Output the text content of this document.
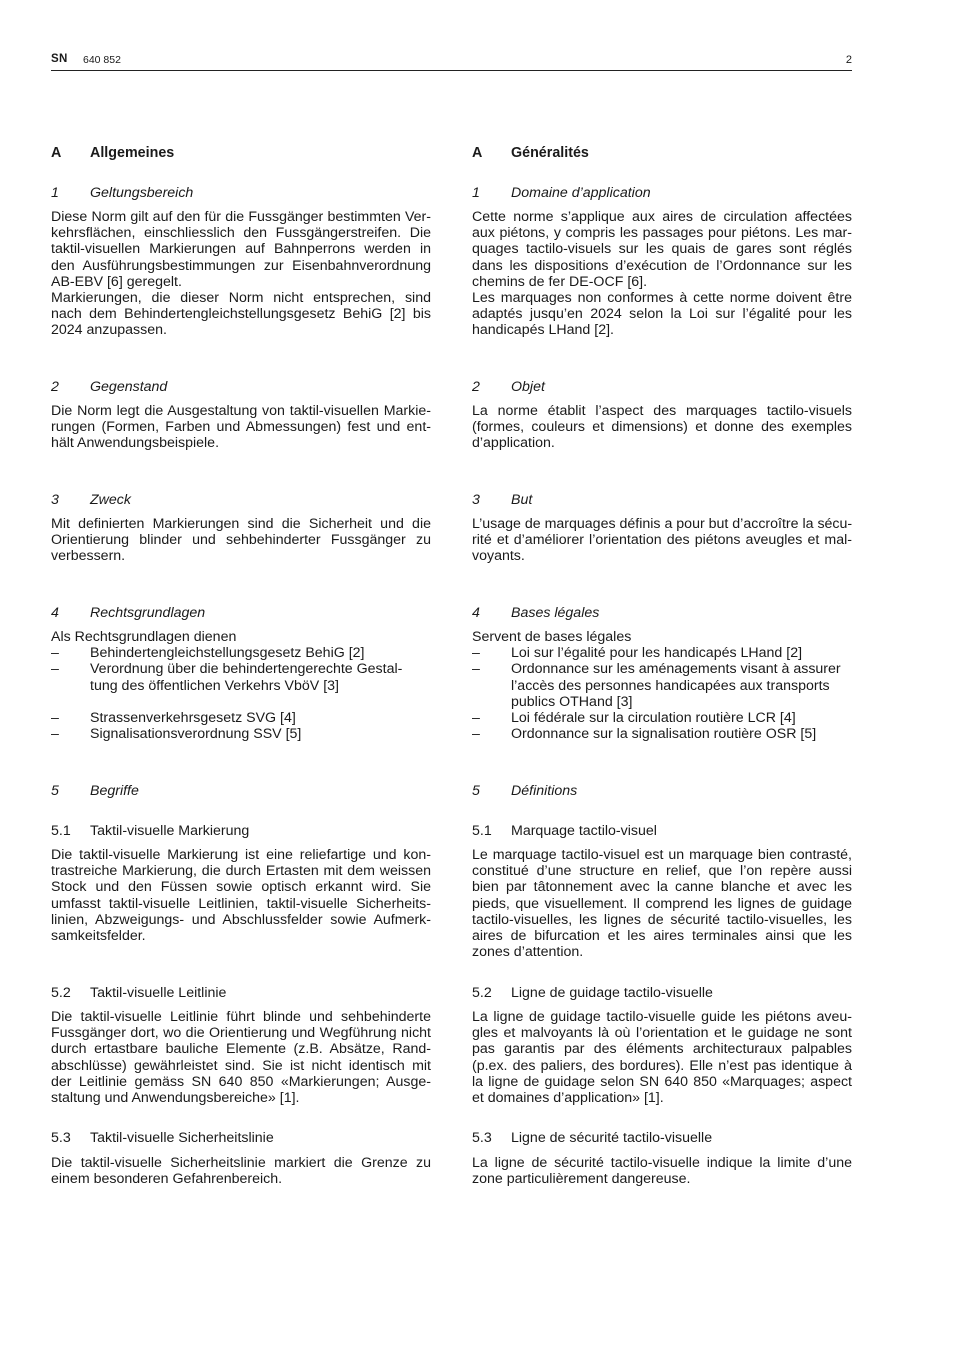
SN 640 852	2
A Allgemeines
1 Geltungsbereich
Diese Norm gilt auf den für die Fussgänger bestimmten Ver-
kehrsflächen, einschliesslich den Fussgängerstreifen. Die
taktil-visuellen Markierungen auf Bahnperrons werden in
den Ausführungsbestimmungen zur Eisenbahnverordnung
AB-EBV [6] geregelt.
Markierungen, die dieser Norm nicht entsprechen, sind
nach dem Behindertengleichstellungsgesetz BehiG [2] bis
2024 anzupassen.
2 Gegenstand
Die Norm legt die Ausgestaltung von taktil-visuellen Markie-
rungen (Formen, Farben und Abmessungen) fest und ent-
hält Anwendungsbeispiele.
3 Zweck
Mit definierten Markierungen sind die Sicherheit und die
Orientierung blinder und sehbehinderter Fussgänger zu
verbessern.
4 Rechtsgrundlagen
Als Rechtsgrundlagen dienen
– Behindertengleichstellungsgesetz BehiG [2]
– Verordnung über die behindertengerechte Gestal-
tung des öffentlichen Verkehrs VböV [3]
– Strassenverkehrsgesetz SVG [4]
– Signalisationsverordnung SSV [5]
5 Begriffe
5.1 Taktil-visuelle Markierung
Die taktil-visuelle Markierung ist eine reliefartige und kon-
trastreiche Markierung, die durch Ertasten mit dem weissen
Stock und den Füssen sowie optisch erkannt wird. Sie
umfasst taktil-visuelle Leitlinien, taktil-visuelle Sicherheits-
linien, Abzweigungs- und Abschlussfelder sowie Aufmerk-
samkeitsfelder.
5.2 Taktil-visuelle Leitlinie
Die taktil-visuelle Leitlinie führt blinde und sehbehinderte
Fussgänger dort, wo die Orientierung und Wegführung nicht
durch ertastbare bauliche Elemente (z.B. Absätze, Rand-
abschlüsse) gewährleistet sind. Sie ist nicht identisch mit
der Leitlinie gemäss SN 640 850 «Markierungen; Ausge-
staltung und Anwendungsbereiche» [1].
5.3 Taktil-visuelle Sicherheitslinie
Die taktil-visuelle Sicherheitslinie markiert die Grenze zu
einem besonderen Gefahrenbereich.
A Généralités
1 Domaine d’application
Cette norme s’applique aux aires de circulation affectées
aux piétons, y compris les passages pour piétons. Les mar-
quages tactilo-visuels sur les quais de gares sont réglés
dans les dispositions d’exécution de l’Ordonnance sur les
chemins de fer DE-OCF [6].
Les marquages non conformes à cette norme doivent être
adaptés jusqu’en 2024 selon la Loi sur l’égalité pour les
handicapés LHand [2].
2 Objet
La norme établit l’aspect des marquages tactilo-visuels
(formes, couleurs et dimensions) et donne des exemples
d’application.
3 But
L’usage de marquages définis a pour but d’accroître la sécu-
rité et d’améliorer l’orientation des piétons aveugles et mal-
voyants.
4 Bases légales
Servent de bases légales
– Loi sur l’égalité pour les handicapés LHand [2]
– Ordonnance sur les aménagements visant à assurer
l’accès des personnes handicapées aux transports
publics OTHand [3]
– Loi fédérale sur la circulation routière LCR [4]
– Ordonnance sur la signalisation routière OSR [5]
5 Définitions
5.1 Marquage tactilo-visuel
Le marquage tactilo-visuel est un marquage bien contrasté,
constitué d’une structure en relief, que l’on repère aussi
bien par tâtonnement avec la canne blanche et avec les
pieds, que visuellement. Il comprend les lignes de guidage
tactilo-visuelles, les lignes de sécurité tactilo-visuelles, les
aires de bifurcation et les aires terminales ainsi que les
zones d’attention.
5.2 Ligne de guidage tactilo-visuelle
La ligne de guidage tactilo-visuelle guide les piétons aveu-
gles et malvoyants là où l’orientation et le guidage ne sont
pas garantis par des éléments architecturaux palpables
(p.ex. des paliers, des bordures). Elle n’est pas identique à
la ligne de guidage selon SN 640 850 «Marquages; aspect
et domaines d’application» [1].
5.3 Ligne de sécurité tactilo-visuelle
La ligne de sécurité tactilo-visuelle indique la limite d’une
zone particulièrement dangereuse.
